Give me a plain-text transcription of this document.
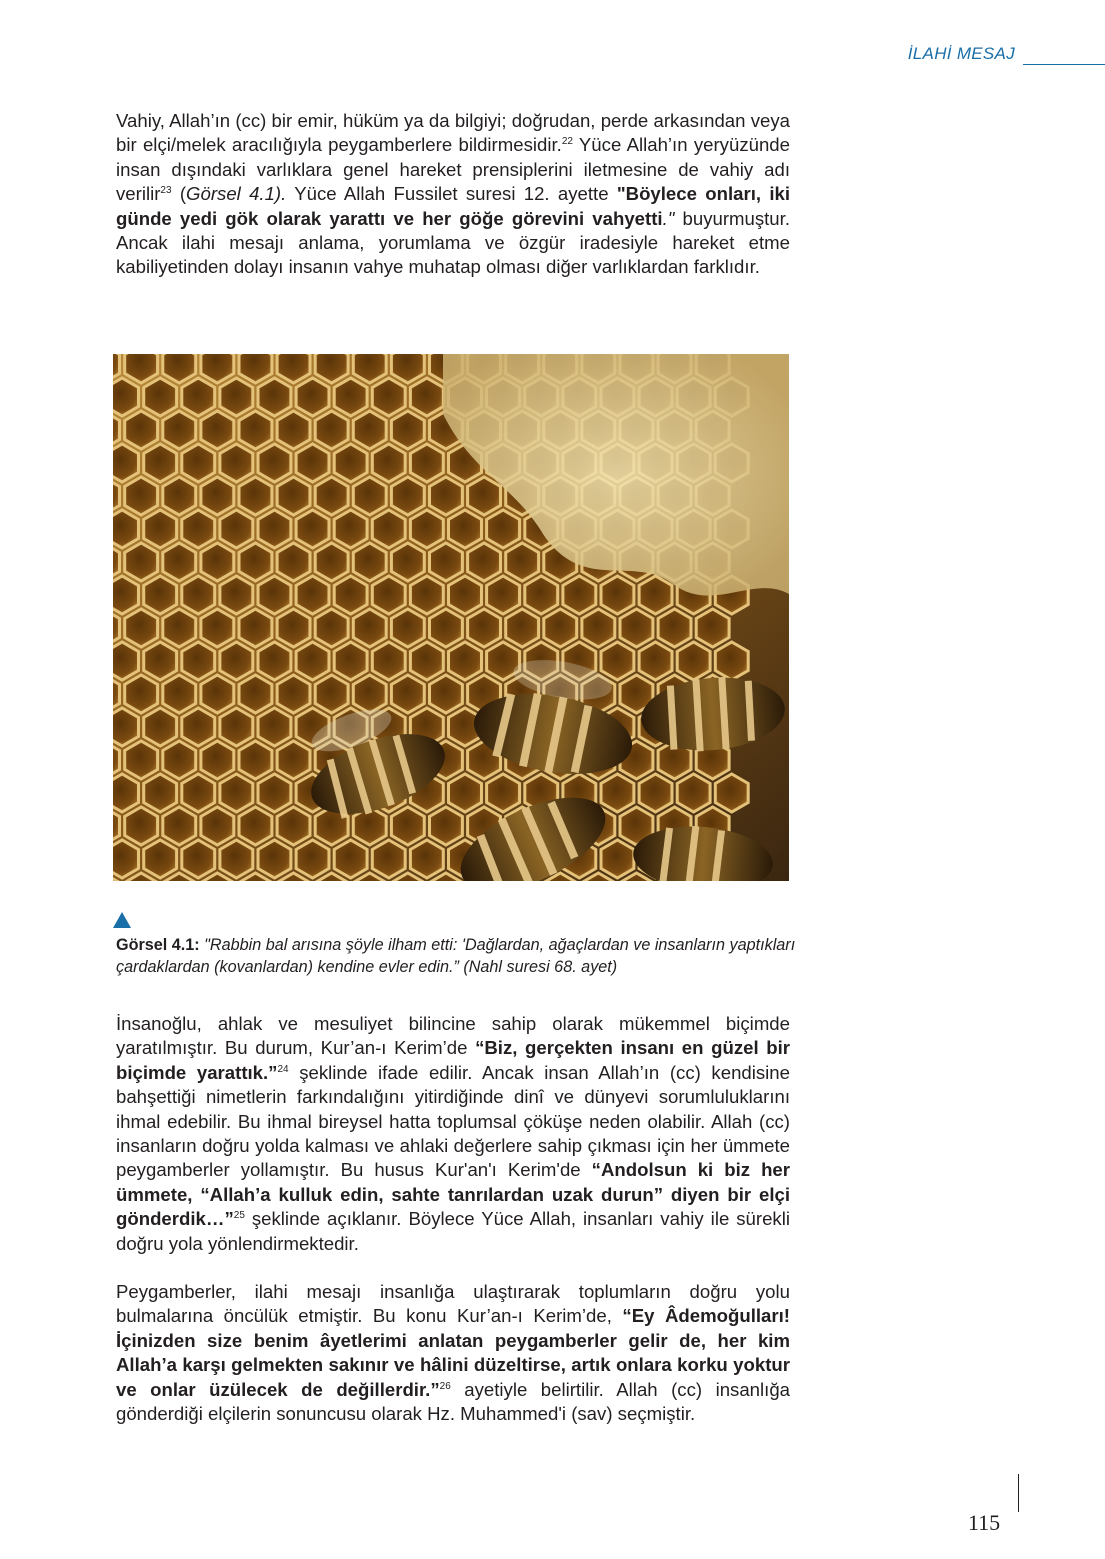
İLAHİ MESAJ

Vahiy, Allah’ın (cc) bir emir, hüküm ya da bilgiyi; doğrudan, perde arkasından veya bir elçi/melek aracılığıyla peygamberlere bildirmesidir.$^{22}$ Yüce Allah’ın yeryüzünde insan dışındaki varlıklara genel hareket prensiplerini iletmesine de vahiy adı verilir$^{23}$ (Görsel 4.1). Yüce Allah Fussilet suresi 12. ayette "Böylece onları, iki günde yedi gök olarak yarattı ve her göğe görevini vahyetti." buyurmuştur. Ancak ilahi mesajı anlama, yorumlama ve özgür iradesiyle hareket etme kabiliyetinden dolayı insanın vahye muhatap olması diğer varlıklardan farklıdır.

Görsel 4.1: "Rabbin bal arısına şöyle ilham etti: 'Dağlardan, ağaçlardan ve insanların yaptıkları çardaklardan (kovanlardan) kendine evler edin.” (Nahl suresi 68. ayet)

İnsanoğlu, ahlak ve mesuliyet bilincine sahip olarak mükemmel biçimde yaratılmıştır. Bu durum, Kur’an-ı Kerim’de “Biz, gerçekten insanı en güzel bir biçimde yarattık.”$^{24}$ şeklinde ifade edilir. Ancak insan Allah’ın (cc) kendisine bahşettiği nimetlerin farkındalığını yitirdiğinde dinî ve dünyevi sorumluluklarını ihmal edebilir. Bu ihmal bireysel hatta toplumsal çöküşe neden olabilir. Allah (cc) insanların doğru yolda kalması ve ahlaki değerlere sahip çıkması için her ümmete peygamberler yollamıştır. Bu husus Kur'an'ı Kerim'de “Andolsun ki biz her ümmete, “Allah’a kulluk edin, sahte tanrılardan uzak durun” diyen bir elçi gönderdik…”$^{25}$ şeklinde açıklanır. Böylece Yüce Allah, insanları vahiy ile sürekli doğru yola yönlendirmektedir.

Peygamberler, ilahi mesajı insanlığa ulaştırarak toplumların doğru yolu bulmalarına öncülük etmiştir. Bu konu Kur’an-ı Kerim’de, “Ey Âdemoğulları! İçinizden size benim âyetlerimi anlatan peygamberler gelir de, her kim Allah’a karşı gelmekten sakınır ve hâlini düzeltirse, artık onlara korku yoktur ve onlar üzülecek de değillerdir.”$^{26}$ ayetiyle belirtilir. Allah (cc) insanlığa gönderdiği elçilerin sonuncusu olarak Hz. Muhammed'i (sav) seçmiştir.

115
